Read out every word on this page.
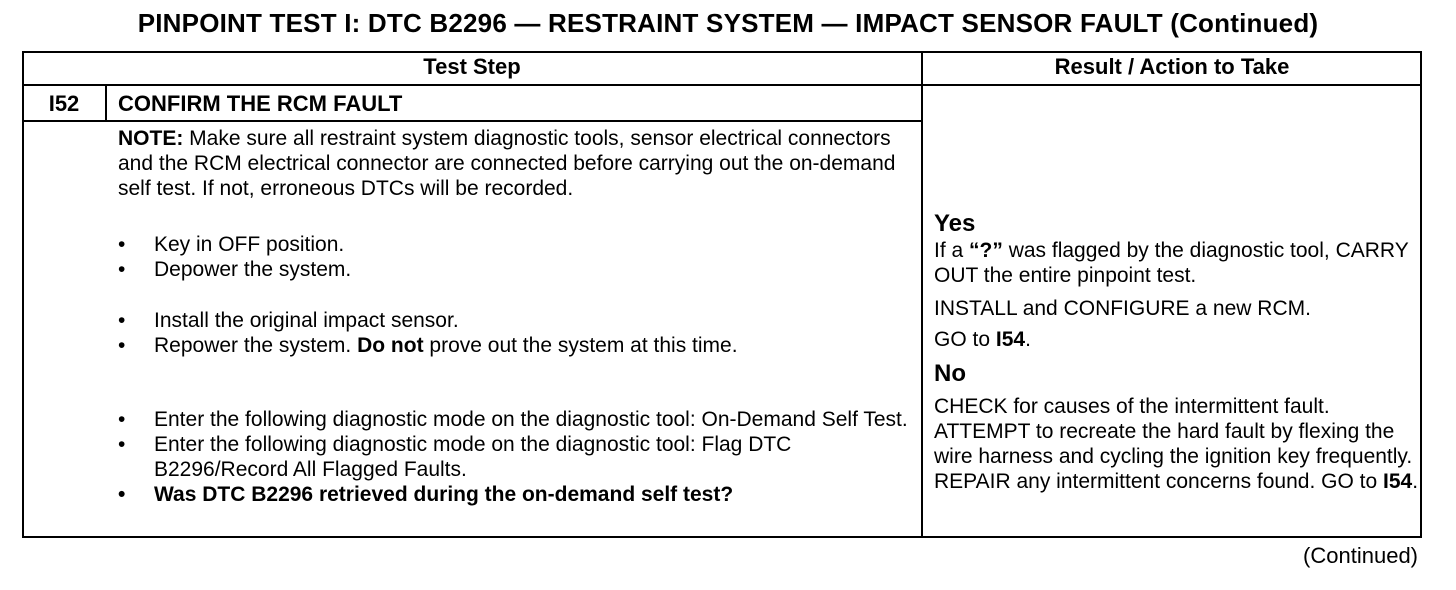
PINPOINT TEST I: DTC B2296 — RESTRAINT SYSTEM — IMPACT SENSOR FAULT (Continued)
Test Step	Result / Action to Take
I52	CONFIRM THE RCM FAULT
NOTE: Make sure all restraint system diagnostic tools, sensor electrical connectors and the RCM electrical connector are connected before carrying out the on-demand self test. If not, erroneous DTCs will be recorded.
• Key in OFF position.
• Depower the system.
• Install the original impact sensor.
• Repower the system. Do not prove out the system at this time.
• Enter the following diagnostic mode on the diagnostic tool: On-Demand Self Test.
• Enter the following diagnostic mode on the diagnostic tool: Flag DTC B2296/Record All Flagged Faults.
• Was DTC B2296 retrieved during the on-demand self test?
Yes
If a “?” was flagged by the diagnostic tool, CARRY OUT the entire pinpoint test.
INSTALL and CONFIGURE a new RCM.
GO to I54.
No
CHECK for causes of the intermittent fault. ATTEMPT to recreate the hard fault by flexing the wire harness and cycling the ignition key frequently. REPAIR any intermittent concerns found. GO to I54.
(Continued)
